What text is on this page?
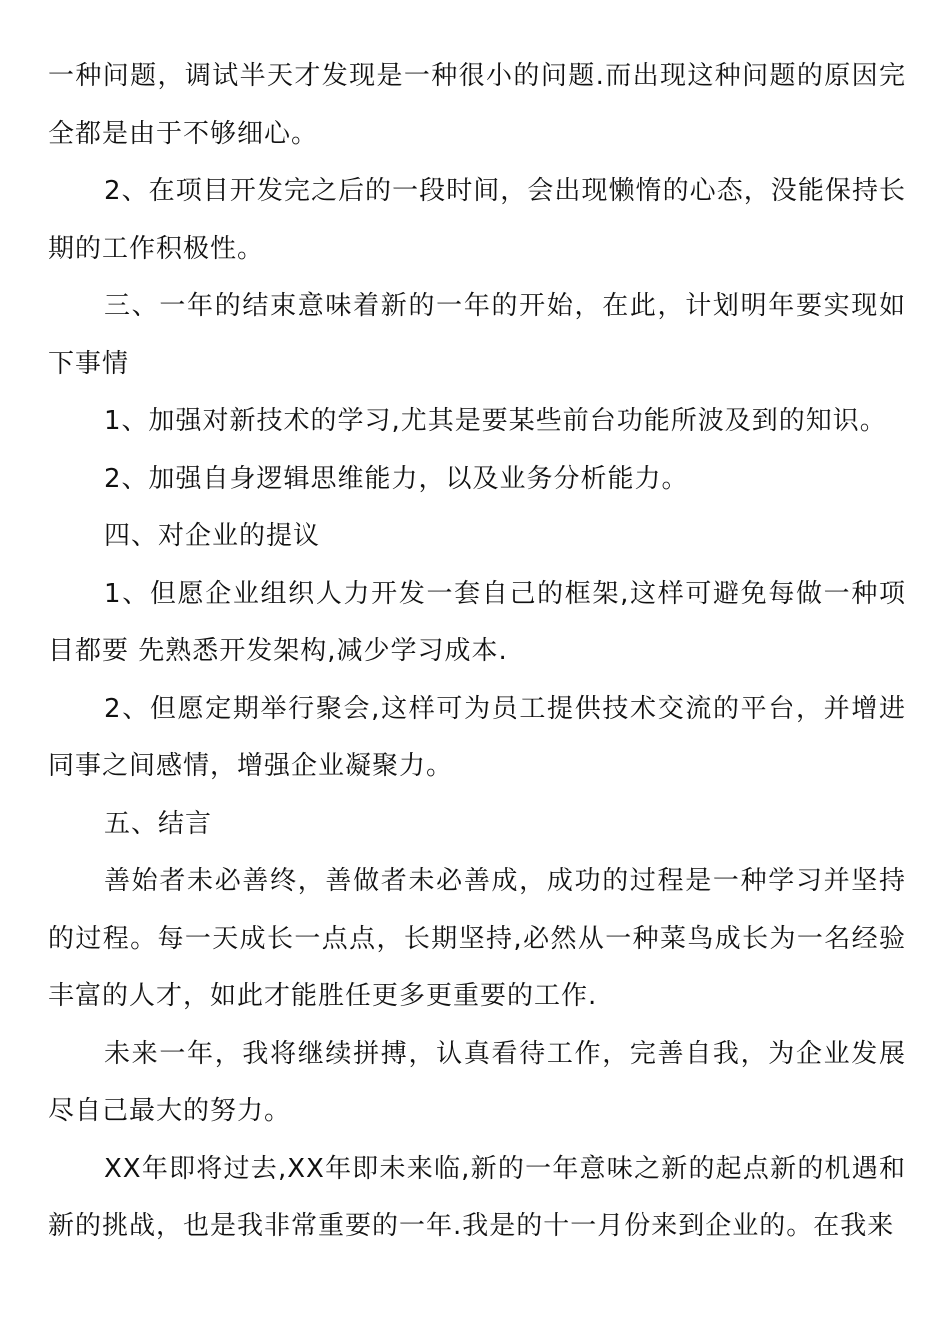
一种问题，调试半天才发现是一种很小的问题.而出现这种问题的原因完全都是由于不够细心。

2、在项目开发完之后的一段时间，会出现懒惰的心态，没能保持长期的工作积极性。

三、一年的结束意味着新的一年的开始，在此，计划明年要实现如下事情

1、加强对新技术的学习,尤其是要某些前台功能所波及到的知识。

2、加强自身逻辑思维能力，以及业务分析能力。

四、对企业的提议

1、但愿企业组织人力开发一套自己的框架,这样可避免每做一种项目都要 先熟悉开发架构,减少学习成本.

2、但愿定期举行聚会,这样可为员工提供技术交流的平台，并增进同事之间感情，增强企业凝聚力。

五、结言

善始者未必善终，善做者未必善成，成功的过程是一种学习并坚持的过程。每一天成长一点点，长期坚持,必然从一种菜鸟成长为一名经验丰富的人才，如此才能胜任更多更重要的工作.

未来一年，我将继续拼搏，认真看待工作，完善自我，为企业发展尽自己最大的努力。

XX年即将过去,XX年即未来临,新的一年意味之新的起点新的机遇和新的挑战，也是我非常重要的一年.我是的十一月份来到企业的。在我来
